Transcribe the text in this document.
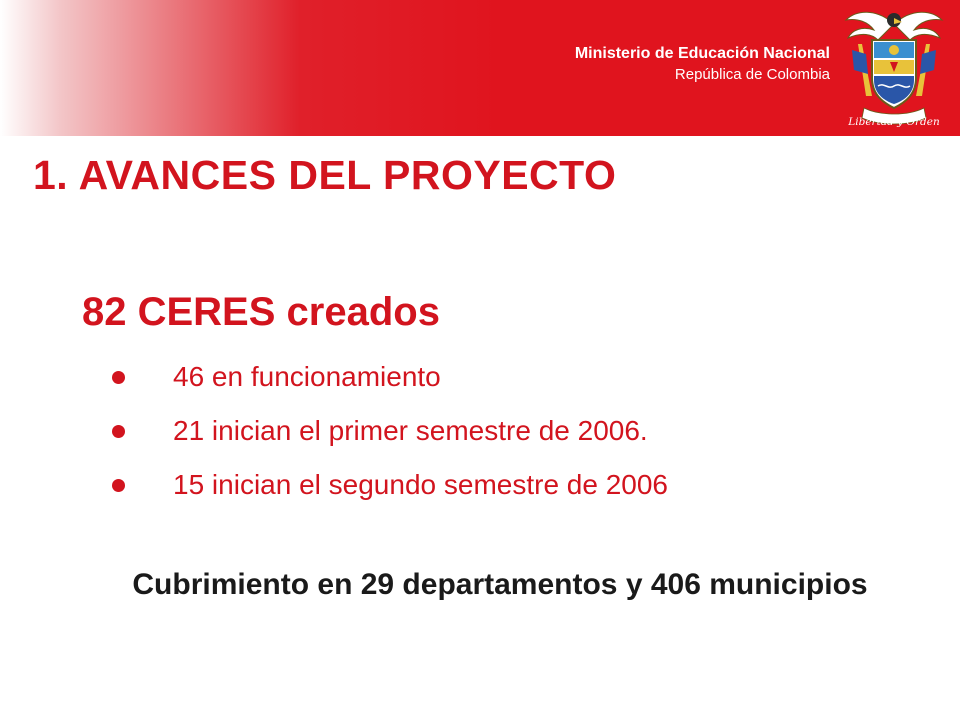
Ministerio de Educación Nacional
República de Colombia
Libertad y Orden
1. AVANCES DEL PROYECTO
82 CERES creados
46 en funcionamiento
21 inician el primer semestre de 2006.
15 inician el segundo semestre de 2006

Cubrimiento en 29 departamentos y 406 municipios
